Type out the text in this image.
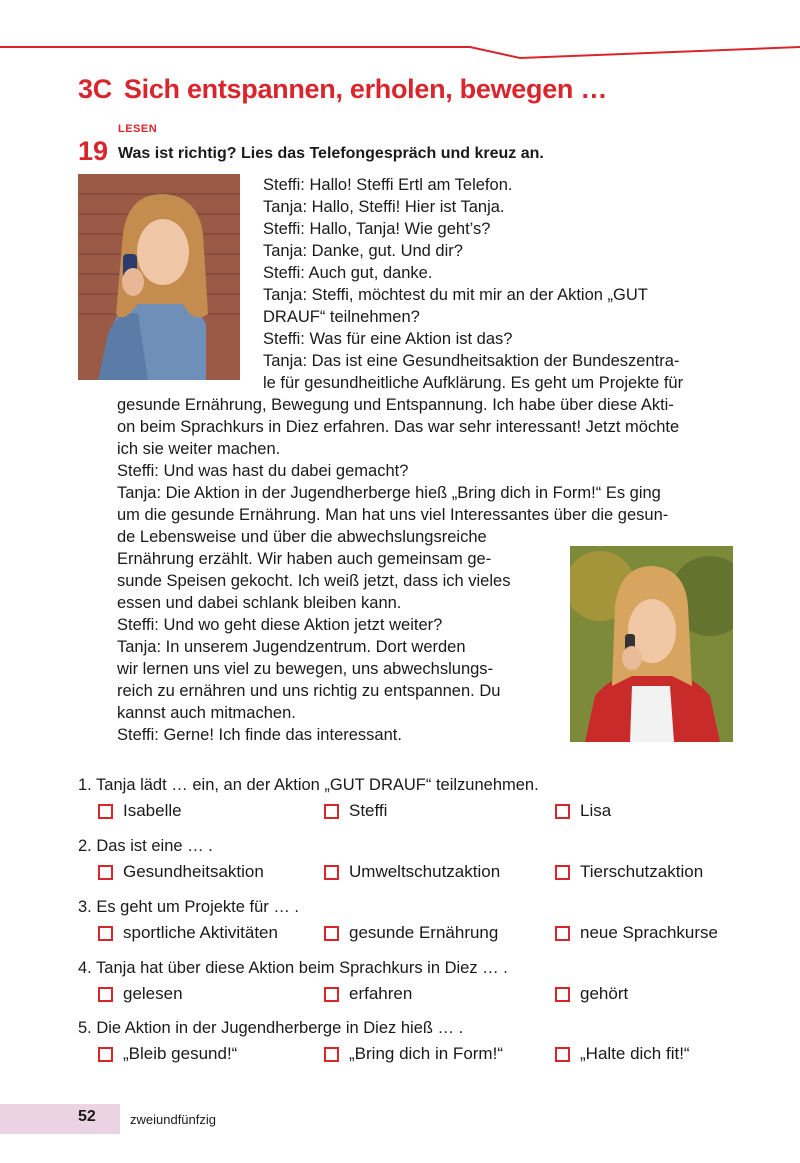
3C Sich entspannen, erholen, bewegen …
LESEN
19 Was ist richtig? Lies das Telefongespräch und kreuz an.
Steffi: Hallo! Steffi Ertl am Telefon.
Tanja: Hallo, Steffi! Hier ist Tanja.
Steffi: Hallo, Tanja! Wie geht’s?
Tanja: Danke, gut. Und dir?
Steffi: Auch gut, danke.
Tanja: Steffi, möchtest du mit mir an der Aktion „GUT
DRAUF“ teilnehmen?
Steffi: Was für eine Aktion ist das?
Tanja: Das ist eine Gesundheitsaktion der Bundeszentra-
le für gesundheitliche Aufklärung. Es geht um Projekte für
gesunde Ernährung, Bewegung und Entspannung. Ich habe über diese Akti-
on beim Sprachkurs in Diez erfahren. Das war sehr interessant! Jetzt möchte
ich sie weiter machen.
Steffi: Und was hast du dabei gemacht?
Tanja: Die Aktion in der Jugendherberge hieß „Bring dich in Form!“ Es ging
um die gesunde Ernährung. Man hat uns viel Interessantes über die gesun-
de Lebensweise und über die abwechslungsreiche
Ernährung erzählt. Wir haben auch gemeinsam ge-
sunde Speisen gekocht. Ich weiß jetzt, dass ich vieles
essen und dabei schlank bleiben kann.
Steffi: Und wo geht diese Aktion jetzt weiter?
Tanja: In unserem Jugendzentrum. Dort werden
wir lernen uns viel zu bewegen, uns abwechslungs-
reich zu ernähren und uns richtig zu entspannen. Du
kannst auch mitmachen.
Steffi: Gerne! Ich finde das interessant.
1. Tanja lädt … ein, an der Aktion „GUT DRAUF“ teilzunehmen.
Isabelle	Steffi	Lisa
2. Das ist eine … .
Gesundheitsaktion	Umweltschutzaktion	Tierschutzaktion
3. Es geht um Projekte für … .
sportliche Aktivitäten	gesunde Ernährung	neue Sprachkurse
4. Tanja hat über diese Aktion beim Sprachkurs in Diez … .
gelesen	erfahren	gehört
5. Die Aktion in der Jugendherberge in Diez hieß … .
„Bleib gesund!“	„Bring dich in Form!“	„Halte dich fit!“
52	zweiundfünfzig
